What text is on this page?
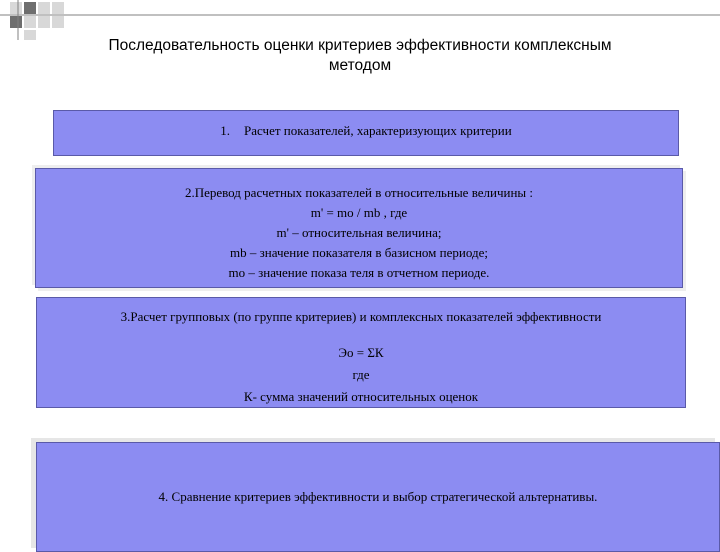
Последовательность оценки критериев эффективности комплексным
методом
1. Расчет показателей, характеризующих критерии
2.Перевод расчетных показателей в относительные величины :
m' = mo / mb , где
m' – относительная величина;
mb – значение показателя в базисном периоде;
mo – значение показа теля в отчетном периоде.
3.Расчет групповых (по группе критериев) и комплексных показателей эффективности
Эо = ΣК
где
К- сумма значений относительных оценок
4. Сравнение критериев эффективности и выбор стратегической альтернативы.
